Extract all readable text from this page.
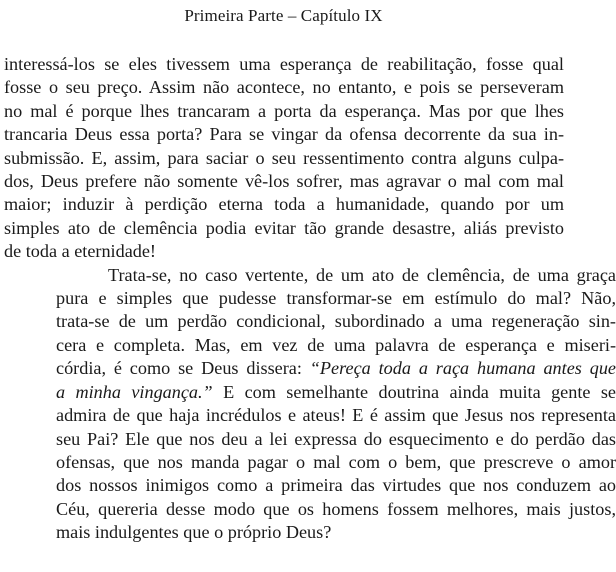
Primeira Parte – Capítulo IX
interessá-los se eles tivessem uma esperança de reabilitação, fosse qual
fosse o seu preço. Assim não acontece, no entanto, e pois se perseveram
no mal é porque lhes trancaram a porta da esperança. Mas por que lhes
trancaria Deus essa porta? Para se vingar da ofensa decorrente da sua in-
submissão. E, assim, para saciar o seu ressentimento contra alguns culpa-
dos, Deus prefere não somente vê-los sofrer, mas agravar o mal com mal
maior; induzir à perdição eterna toda a humanidade, quando por um
simples ato de clemência podia evitar tão grande desastre, aliás previsto
de toda a eternidade!
Trata-se, no caso vertente, de um ato de clemência, de uma graça
pura e simples que pudesse transformar-se em estímulo do mal? Não,
trata-se de um perdão condicional, subordinado a uma regeneração sin-
cera e completa. Mas, em vez de uma palavra de esperança e miseri-
córdia, é como se Deus dissera: “Pereça toda a raça humana antes que
a minha vingança.” E com semelhante doutrina ainda muita gente se
admira de que haja incrédulos e ateus! E é assim que Jesus nos representa
seu Pai? Ele que nos deu a lei expressa do esquecimento e do perdão das
ofensas, que nos manda pagar o mal com o bem, que prescreve o amor
dos nossos inimigos como a primeira das virtudes que nos conduzem ao
Céu, quereria desse modo que os homens fossem melhores, mais justos,
mais indulgentes que o próprio Deus?
